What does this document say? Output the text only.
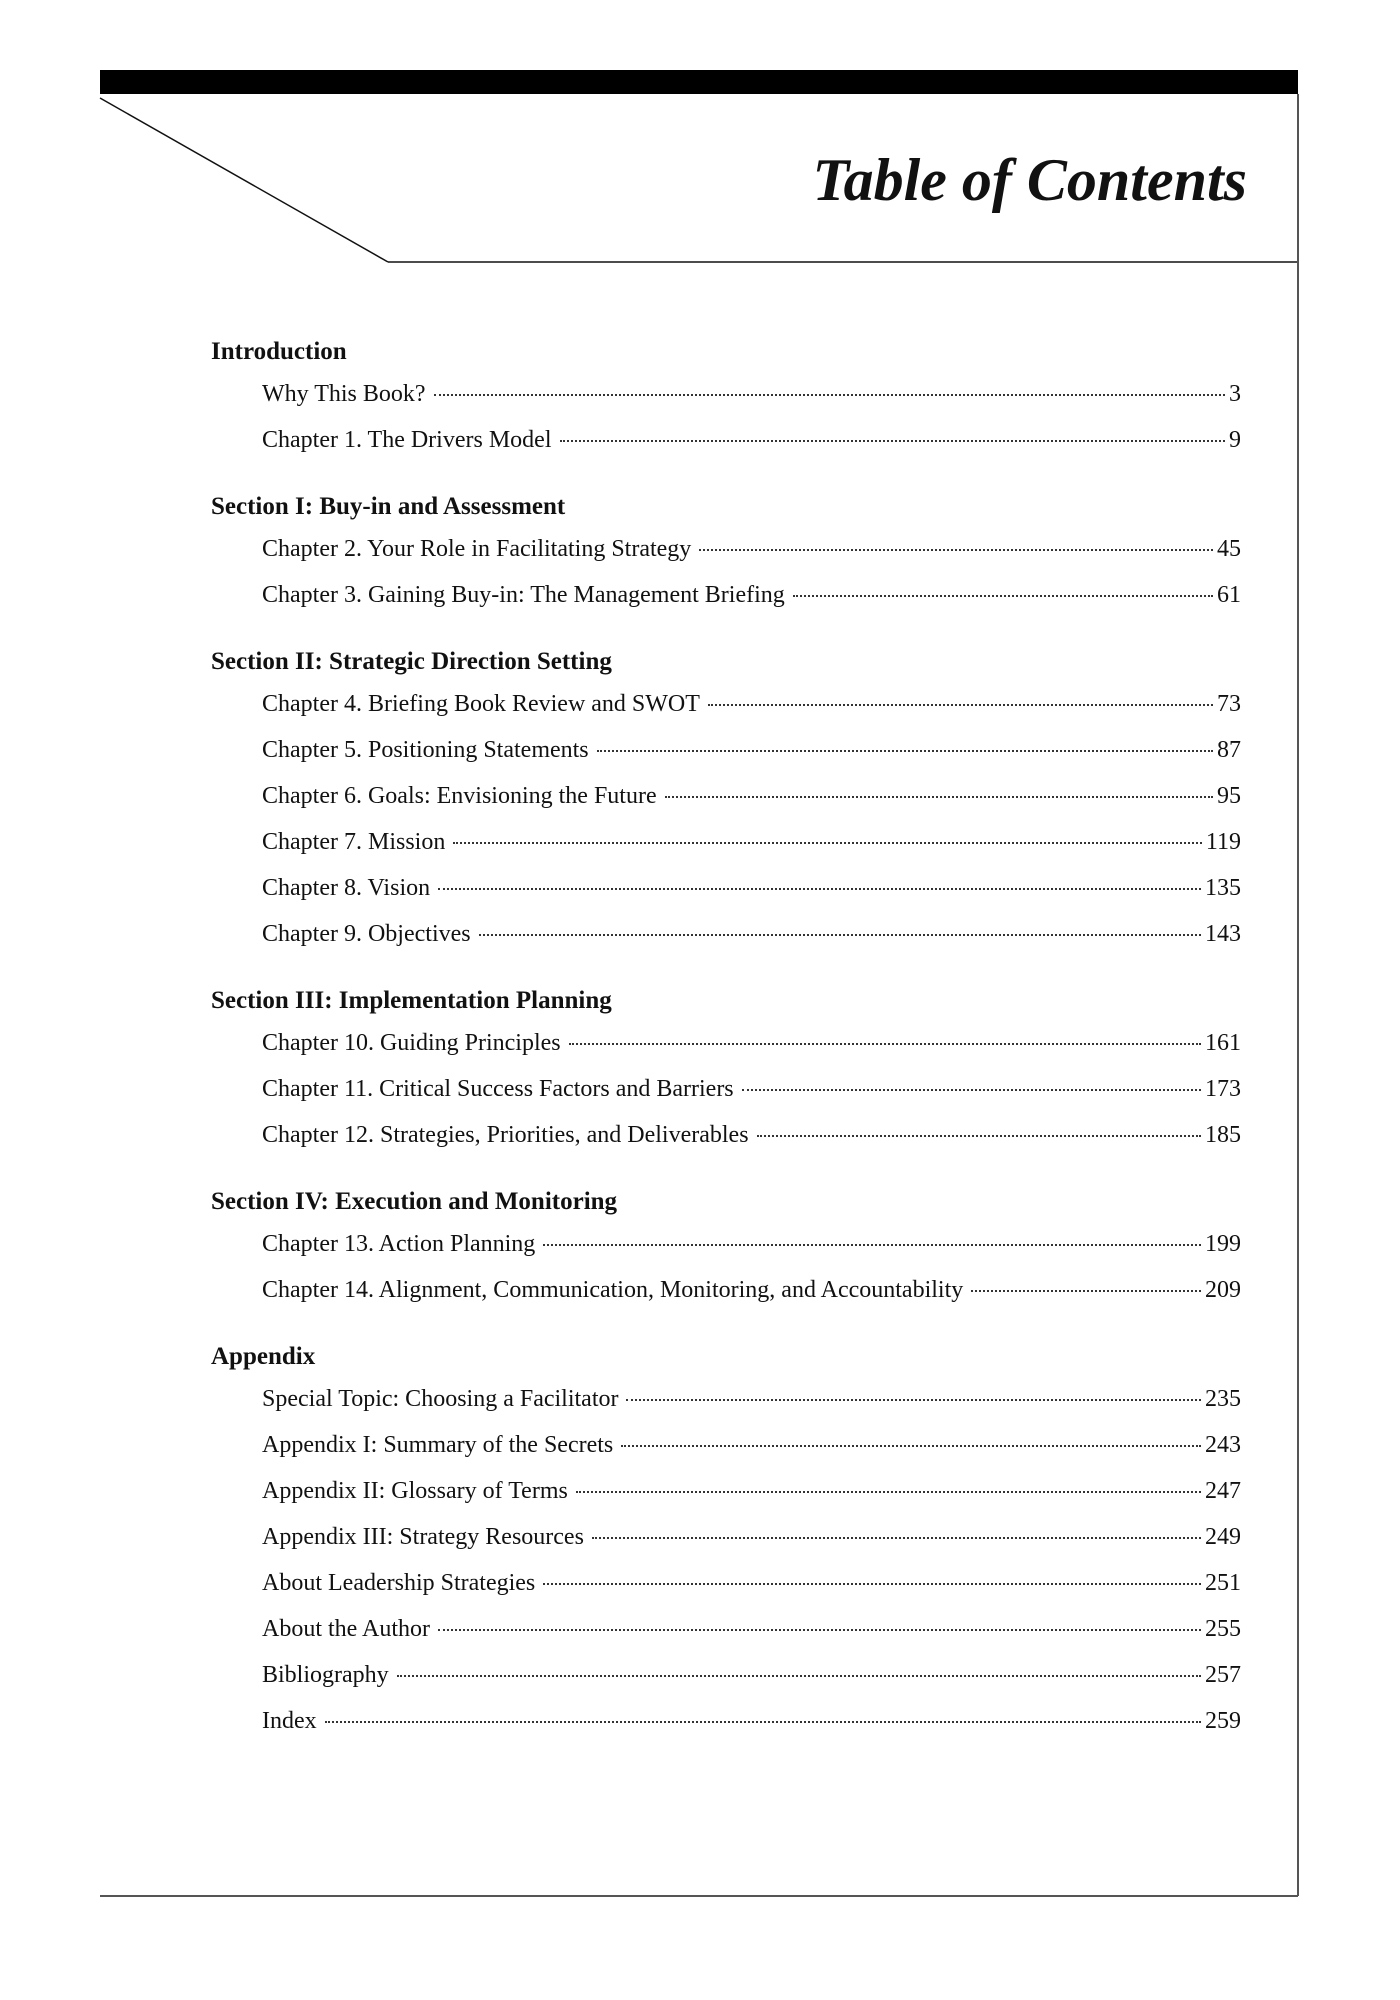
Table of Contents
Introduction
Why This Book?	3
Chapter 1. The Drivers Model	9
Section I: Buy-in and Assessment
Chapter 2. Your Role in Facilitating Strategy	45
Chapter 3. Gaining Buy-in: The Management Briefing	61
Section II: Strategic Direction Setting
Chapter 4. Briefing Book Review and SWOT	73
Chapter 5. Positioning Statements	87
Chapter 6. Goals: Envisioning the Future	95
Chapter 7. Mission	119
Chapter 8. Vision	135
Chapter 9. Objectives	143
Section III: Implementation Planning
Chapter 10. Guiding Principles	161
Chapter 11. Critical Success Factors and Barriers	173
Chapter 12. Strategies, Priorities, and Deliverables	185
Section IV: Execution and Monitoring
Chapter 13. Action Planning	199
Chapter 14. Alignment, Communication, Monitoring, and Accountability	209
Appendix
Special Topic: Choosing a Facilitator	235
Appendix I: Summary of the Secrets	243
Appendix II: Glossary of Terms	247
Appendix III: Strategy Resources	249
About Leadership Strategies	251
About the Author	255
Bibliography	257
Index	259
